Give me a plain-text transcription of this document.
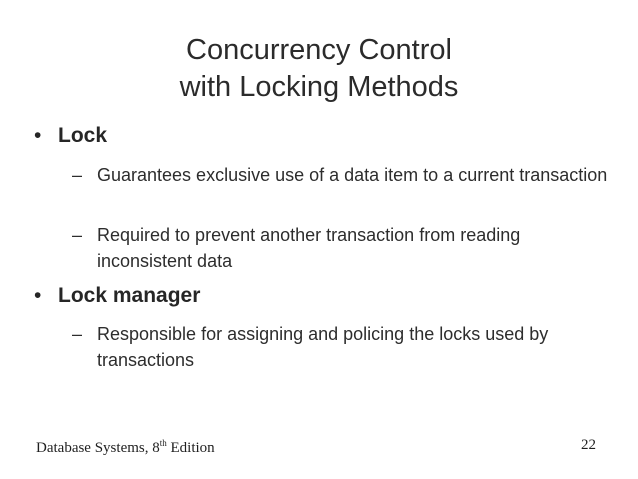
Concurrency Control
with Locking Methods
• Lock
– Guarantees exclusive use of a data item to a current transaction
– Required to prevent another transaction from reading inconsistent data
• Lock manager
– Responsible for assigning and policing the locks used by transactions
Database Systems, 8th Edition	22
